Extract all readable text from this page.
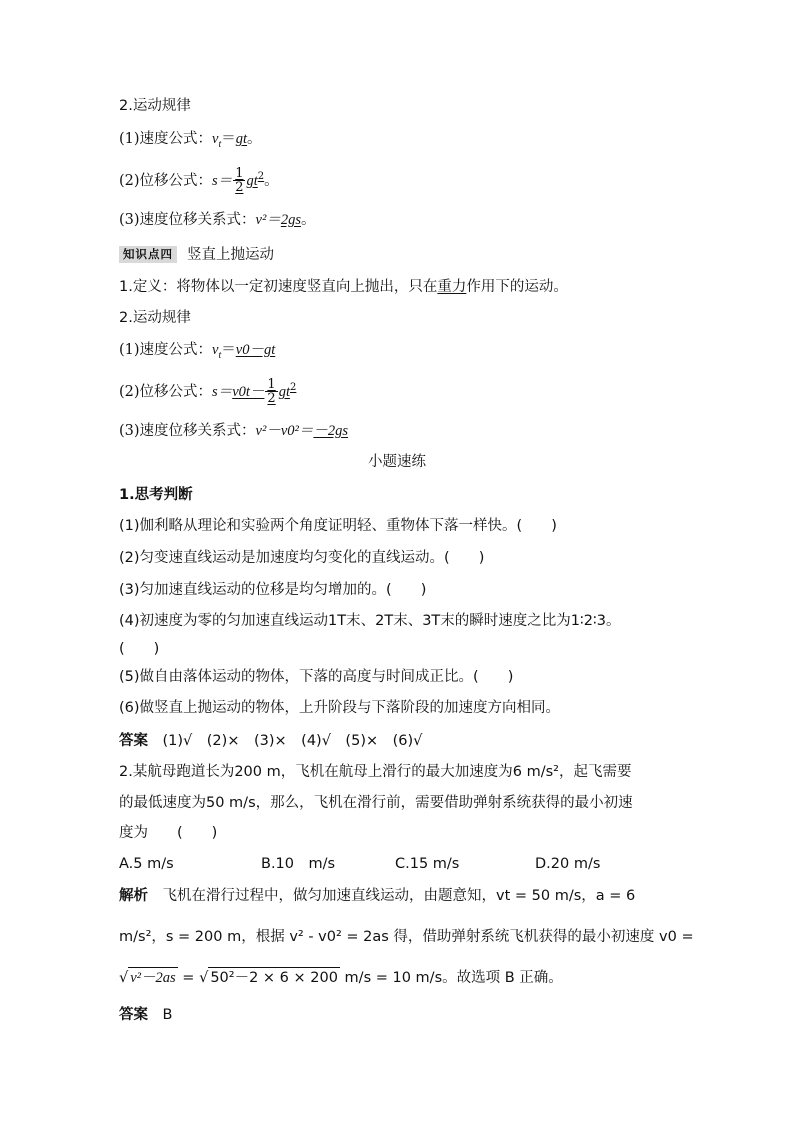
2.运动规律
(1)速度公式：$v_t=gt$。
(2)位移公式：$s= \frac{1}{2} gt^2$。
(3)速度位移关系式：v²＝2gs。
知识点四 竖直上抛运动
1.定义：将物体以一定初速度竖直向上抛出，只在重力作用下的运动。
2.运动规律
(1)速度公式：$v_t=v0-gt$
(2)位移公式：$s=v0t- \frac{1}{2} gt^2$
(3)速度位移关系式：v²－v0²＝－2gs
小题速练
1.思考判断
(1)伽利略从理论和实验两个角度证明轻、重物体下落一样快。(　　)
(2)匀变速直线运动是加速度均匀变化的直线运动。(　　)
(3)匀加速直线运动的位移是均匀增加的。(　　)
(4)初速度为零的匀加速直线运动1T末、2T末、3T末的瞬时速度之比为1∶2∶3。
(　　)
(5)做自由落体运动的物体，下落的高度与时间成正比。(　　)
(6)做竖直上抛运动的物体，上升阶段与下落阶段的加速度方向相同。
答案　 (1)√　(2)×　(3)×　(4)√　(5)×　(6)√
2.某航母跑道长为200 m，飞机在航母上滑行的最大加速度为6 m/s²，起飞需要
的最低速度为50 m/s，那么，飞机在滑行前，需要借助弹射系统获得的最小初速
度为　　(　　)
A.5 m/s	B.10　m/s	C.15 m/s	D.20 m/s
解析　 飞机在滑行过程中，做匀加速直线运动，由题意知，vt = 50 m/s，a = 6
m/s²，s = 200 m，根据 v² - v0² = 2as 得，借助弹射系统飞机获得的最小初速度 v0 =
√ v²－2as = √ 50²－2 × 6 × 200 m/s = 10 m/s。故选项 B 正确。
答案　 B
